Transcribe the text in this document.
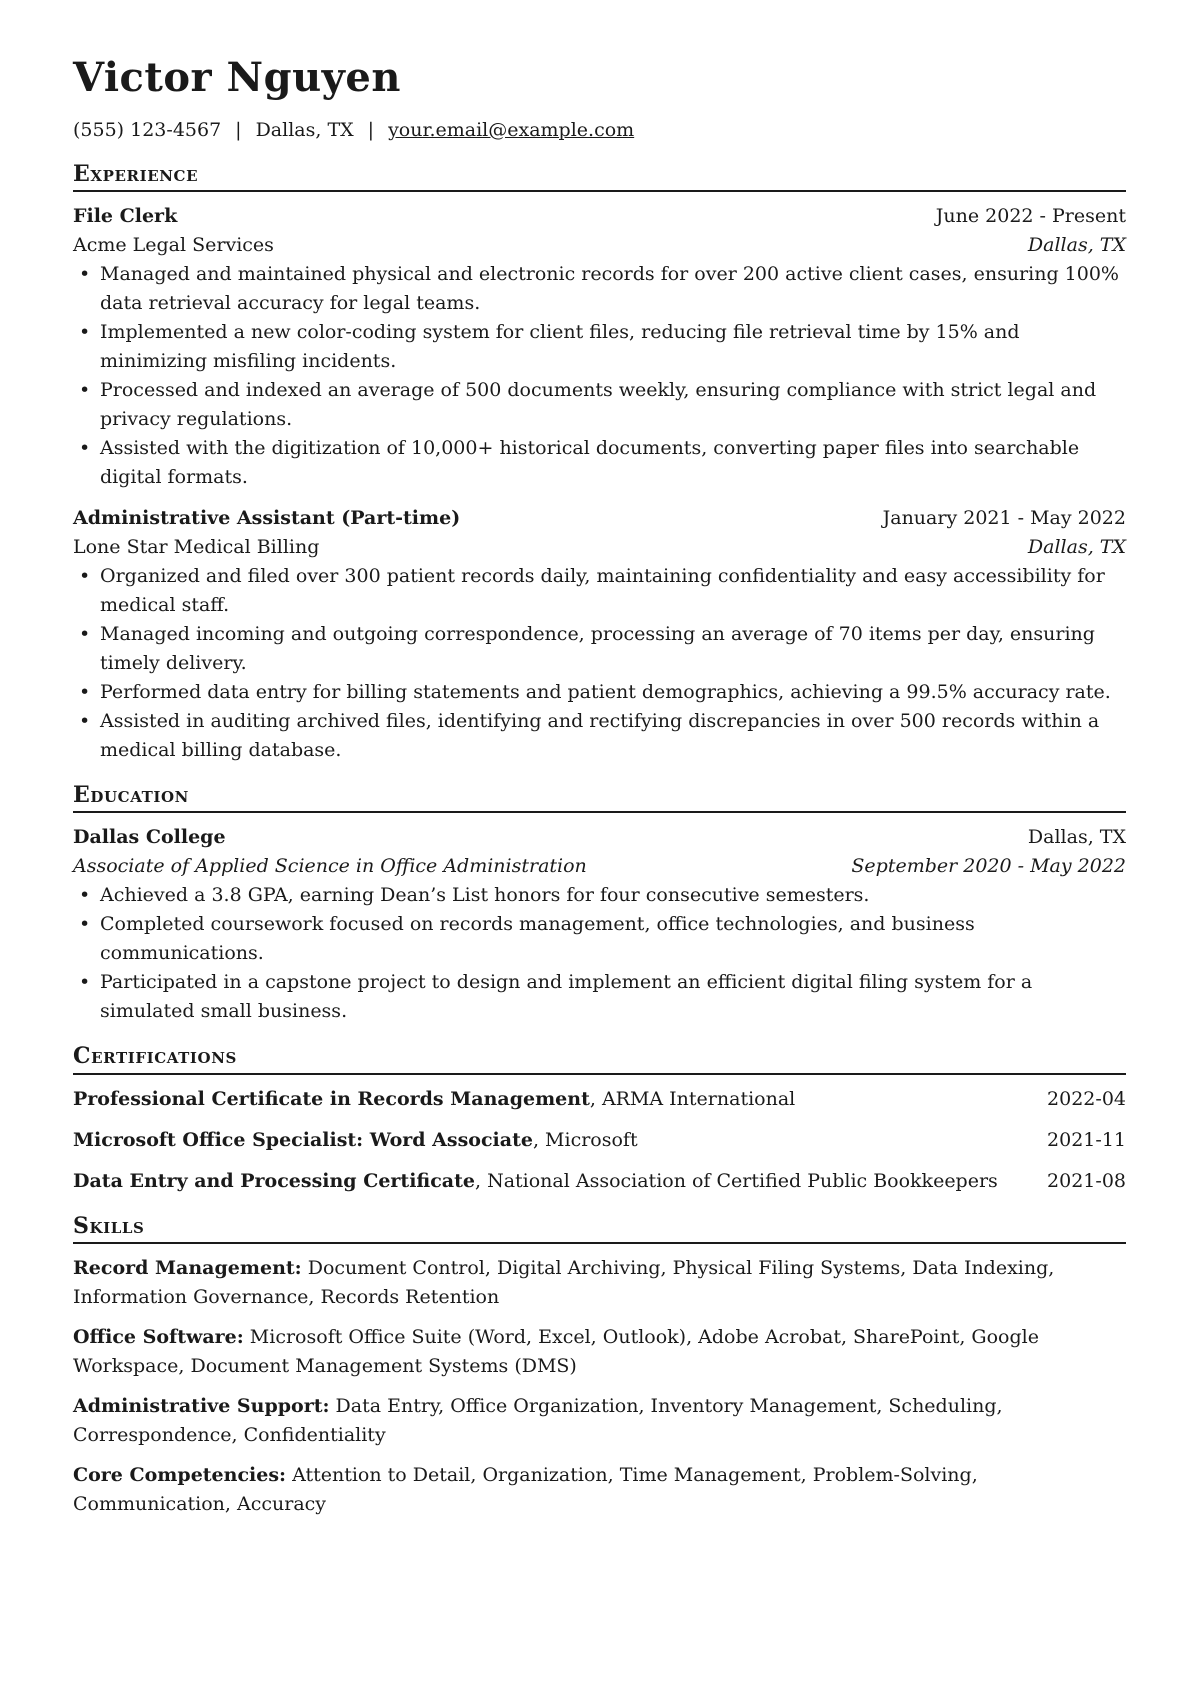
Victor Nguyen
(555) 123-4567 | Dallas, TX | your.email@example.com
Experience
File Clerk	June 2022 - Present
Acme Legal Services	Dallas, TX
• Managed and maintained physical and electronic records for over 200 active client cases, ensuring 100% data retrieval accuracy for legal teams.
• Implemented a new color-coding system for client files, reducing file retrieval time by 15% and minimizing misfiling incidents.
• Processed and indexed an average of 500 documents weekly, ensuring compliance with strict legal and privacy regulations.
• Assisted with the digitization of 10,000+ historical documents, converting paper files into searchable digital formats.
Administrative Assistant (Part-time)	January 2021 - May 2022
Lone Star Medical Billing	Dallas, TX
• Organized and filed over 300 patient records daily, maintaining confidentiality and easy accessibility for medical staff.
• Managed incoming and outgoing correspondence, processing an average of 70 items per day, ensuring timely delivery.
• Performed data entry for billing statements and patient demographics, achieving a 99.5% accuracy rate.
• Assisted in auditing archived files, identifying and rectifying discrepancies in over 500 records within a medical billing database.
Education
Dallas College	Dallas, TX
Associate of Applied Science in Office Administration	September 2020 - May 2022
• Achieved a 3.8 GPA, earning Dean’s List honors for four consecutive semesters.
• Completed coursework focused on records management, office technologies, and business communications.
• Participated in a capstone project to design and implement an efficient digital filing system for a simulated small business.
Certifications
Professional Certificate in Records Management, ARMA International	2022-04
Microsoft Office Specialist: Word Associate, Microsoft	2021-11
Data Entry and Processing Certificate, National Association of Certified Public Bookkeepers	2021-08
Skills
Record Management: Document Control, Digital Archiving, Physical Filing Systems, Data Indexing, Information Governance, Records Retention
Office Software: Microsoft Office Suite (Word, Excel, Outlook), Adobe Acrobat, SharePoint, Google Workspace, Document Management Systems (DMS)
Administrative Support: Data Entry, Office Organization, Inventory Management, Scheduling, Correspondence, Confidentiality
Core Competencies: Attention to Detail, Organization, Time Management, Problem-Solving, Communication, Accuracy
